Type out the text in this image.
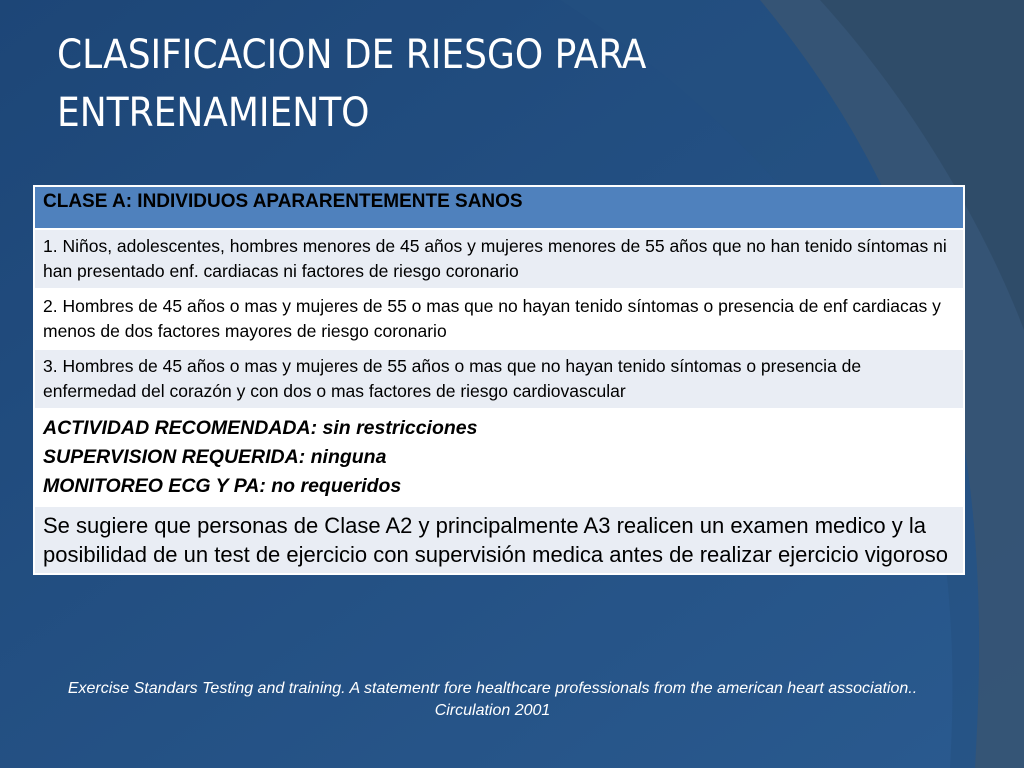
CLASIFICACION DE RIESGO PARA
ENTRENAMIENTO
CLASE A: INDIVIDUOS APARARENTEMENTE SANOS
1. Niños, adolescentes, hombres menores de 45 años y mujeres menores de 55 años que no han tenido síntomas ni han presentado enf. cardiacas ni factores de riesgo coronario
2. Hombres de 45 años o mas y mujeres de 55 o mas que no hayan tenido síntomas o presencia de enf cardiacas y menos de dos factores mayores de riesgo coronario
3. Hombres de 45 años o mas y mujeres de 55 años o mas que no hayan tenido síntomas o presencia de enfermedad del corazón y con dos o mas factores de riesgo cardiovascular

ACTIVIDAD RECOMENDADA: sin restricciones
SUPERVISION REQUERIDA: ninguna
MONITOREO ECG Y PA: no requeridos

Se sugiere que personas de Clase A2 y principalmente A3 realicen un examen medico y la posibilidad de un test de ejercicio con supervisión medica antes de realizar ejercicio vigoroso
Exercise Standars Testing and training. A statementr fore healthcare professionals from the american heart association.. Circulation 2001
